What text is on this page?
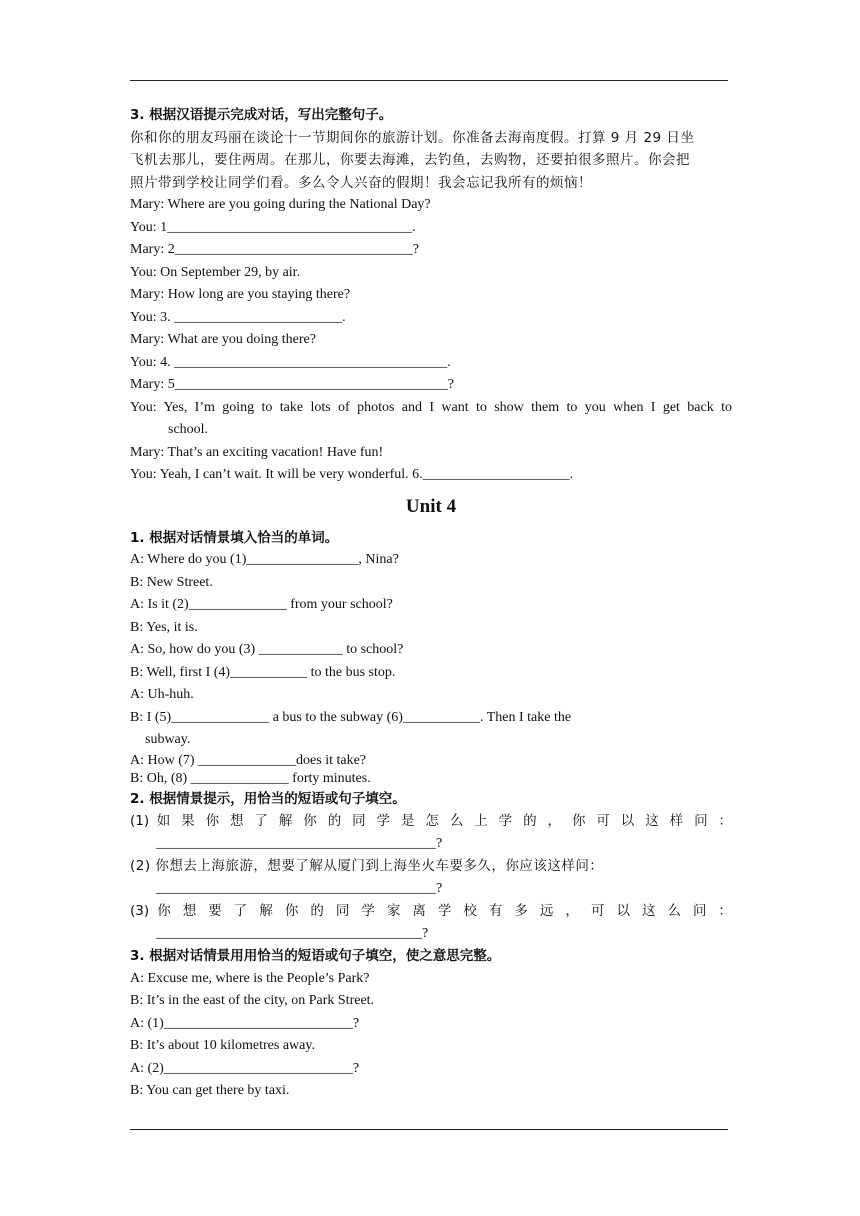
3. 根据汉语提示完成对话，写出完整句子。
你和你的朋友玛丽在谈论十一节期间你的旅游计划。你准备去海南度假。打算 9 月 29 日坐
飞机去那儿，要住两周。在那儿，你要去海滩，去钓鱼，去购物，还要拍很多照片。你会把
照片带到学校让同学们看。多么令人兴奋的假期！我会忘记我所有的烦恼！
Mary: Where are you going during the National Day?
You: 1___________________________________.
Mary: 2__________________________________?
You: On September 29, by air.
Mary: How long are you staying there?
You: 3. ________________________.
Mary: What are you doing there?
You: 4. _______________________________________.
Mary: 5_______________________________________?
You: Yes, I’m going to take lots of photos and I want to show them to you when I get back to
school.
Mary: That’s an exciting vacation! Have fun!
You: Yeah, I can’t wait. It will be very wonderful. 6._____________________.
Unit 4
1. 根据对话情景填入恰当的单词。
A: Where do you (1)________________, Nina?
B: New Street.
A: Is it (2)______________ from your school?
B: Yes, it is.
A: So, how do you (3) ____________ to school?
B: Well, first I (4)___________ to the bus stop.
A: Uh-huh.
B: I (5)______________ a bus to the subway (6)___________. Then I take the
subway.
A: How (7) ______________does it take?
B: Oh, (8) ______________ forty minutes.
2. 根据情景提示，用恰当的短语或句子填空。
(1) 如 果 你 想 了 解 你 的 同 学 是 怎 么 上 学 的 ， 你 可 以 这 样 问 ：
________________________________________?
(2) 你想去上海旅游，想要了解从厦门到上海坐火车要多久，你应该这样问：
________________________________________?
(3) 你 想 要 了 解 你 的 同 学 家 离 学 校 有 多 远 ， 可 以 这 么 问 ：
______________________________________?
3. 根据对话情景用用恰当的短语或句子填空，使之意思完整。
A: Excuse me, where is the People’s Park?
B: It’s in the east of the city, on Park Street.
A: (1)___________________________?
B: It’s about 10 kilometres away.
A: (2)___________________________?
B: You can get there by taxi.
